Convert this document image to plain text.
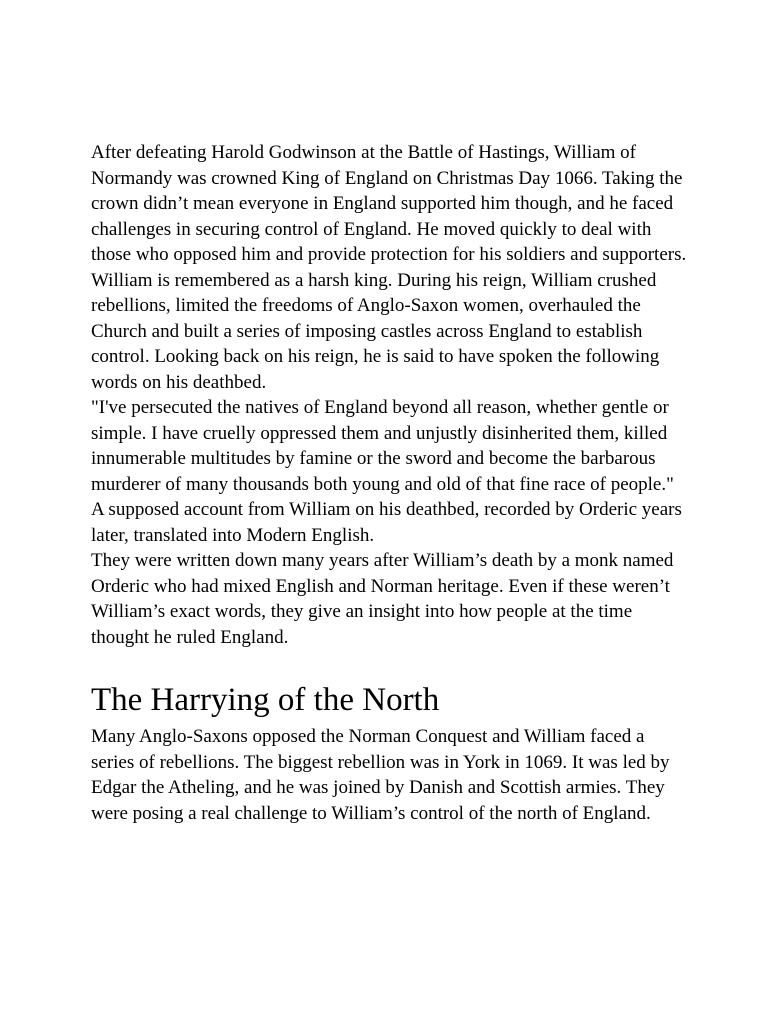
After defeating Harold Godwinson at the Battle of Hastings, William of Normandy was crowned King of England on Christmas Day 1066. Taking the crown didn’t mean everyone in England supported him though, and he faced challenges in securing control of England. He moved quickly to deal with those who opposed him and provide protection for his soldiers and supporters.

William is remembered as a harsh king. During his reign, William crushed rebellions, limited the freedoms of Anglo-Saxon women, overhauled the Church and built a series of imposing castles across England to establish control. Looking back on his reign, he is said to have spoken the following words on his deathbed.

"I've persecuted the natives of England beyond all reason, whether gentle or simple. I have cruelly oppressed them and unjustly disinherited them, killed innumerable multitudes by famine or the sword and become the barbarous murderer of many thousands both young and old of that fine race of people."

A supposed account from William on his deathbed, recorded by Orderic years later, translated into Modern English.

They were written down many years after William’s death by a monk named Orderic who had mixed English and Norman heritage. Even if these weren’t William’s exact words, they give an insight into how people at the time thought he ruled England.

The Harrying of the North

Many Anglo-Saxons opposed the Norman Conquest and William faced a series of rebellions. The biggest rebellion was in York in 1069. It was led by Edgar the Atheling, and he was joined by Danish and Scottish armies. They were posing a real challenge to William’s control of the north of England.
